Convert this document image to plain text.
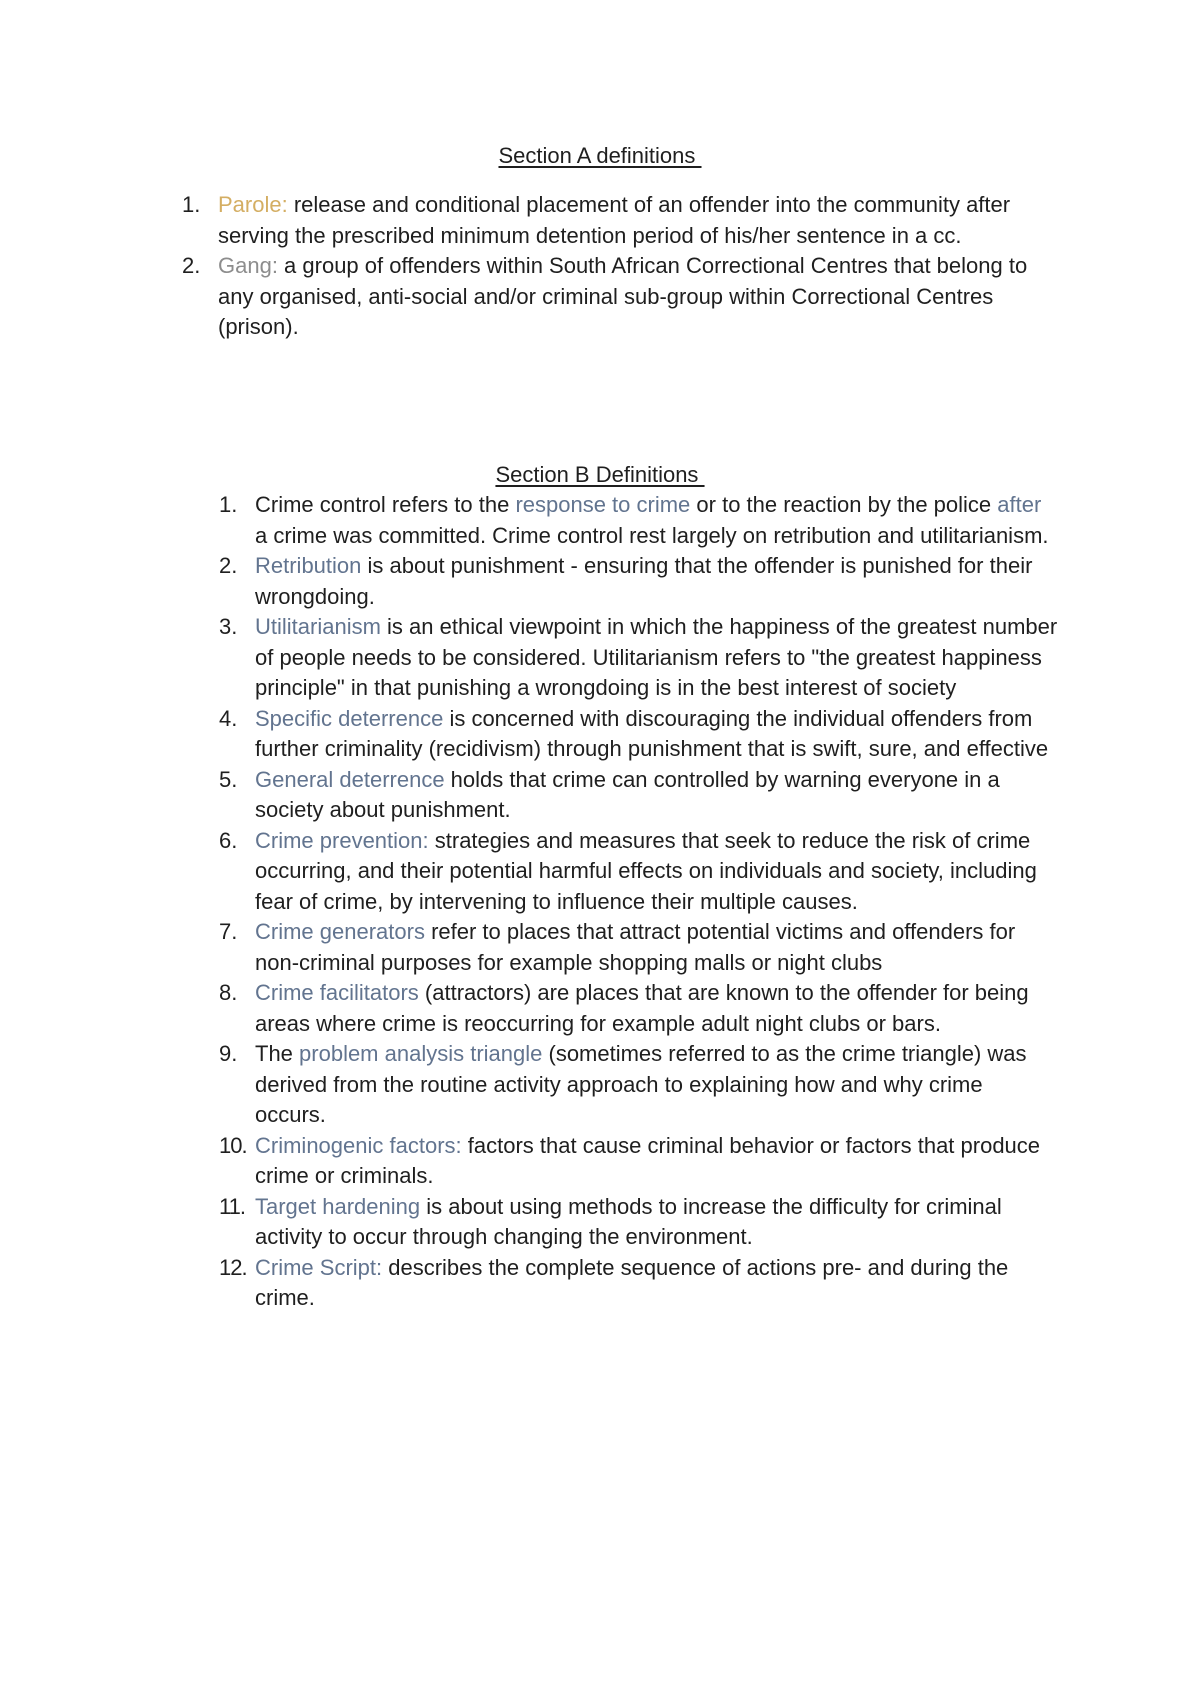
Section A definitions
1. Parole: release and conditional placement of an offender into the community after serving the prescribed minimum detention period of his/her sentence in a cc.
2. Gang: a group of offenders within South African Correctional Centres that belong to any organised, anti-social and/or criminal sub-group within Correctional Centres (prison).
Section B Definitions
1. Crime control refers to the response to crime or to the reaction by the police after a crime was committed. Crime control rest largely on retribution and utilitarianism.
2. Retribution is about punishment - ensuring that the offender is punished for their wrongdoing.
3. Utilitarianism is an ethical viewpoint in which the happiness of the greatest number of people needs to be considered. Utilitarianism refers to "the greatest happiness principle" in that punishing a wrongdoing is in the best interest of society
4. Specific deterrence is concerned with discouraging the individual offenders from further criminality (recidivism) through punishment that is swift, sure, and effective
5. General deterrence holds that crime can controlled by warning everyone in a society about punishment.
6. Crime prevention: strategies and measures that seek to reduce the risk of crime occurring, and their potential harmful effects on individuals and society, including fear of crime, by intervening to influence their multiple causes.
7. Crime generators refer to places that attract potential victims and offenders for non-criminal purposes for example shopping malls or night clubs
8. Crime facilitators (attractors) are places that are known to the offender for being areas where crime is reoccurring for example adult night clubs or bars.
9. The problem analysis triangle (sometimes referred to as the crime triangle) was derived from the routine activity approach to explaining how and why crime occurs.
10. Criminogenic factors: factors that cause criminal behavior or factors that produce crime or criminals.
11. Target hardening is about using methods to increase the difficulty for criminal activity to occur through changing the environment.
12. Crime Script: describes the complete sequence of actions pre- and during the crime.
